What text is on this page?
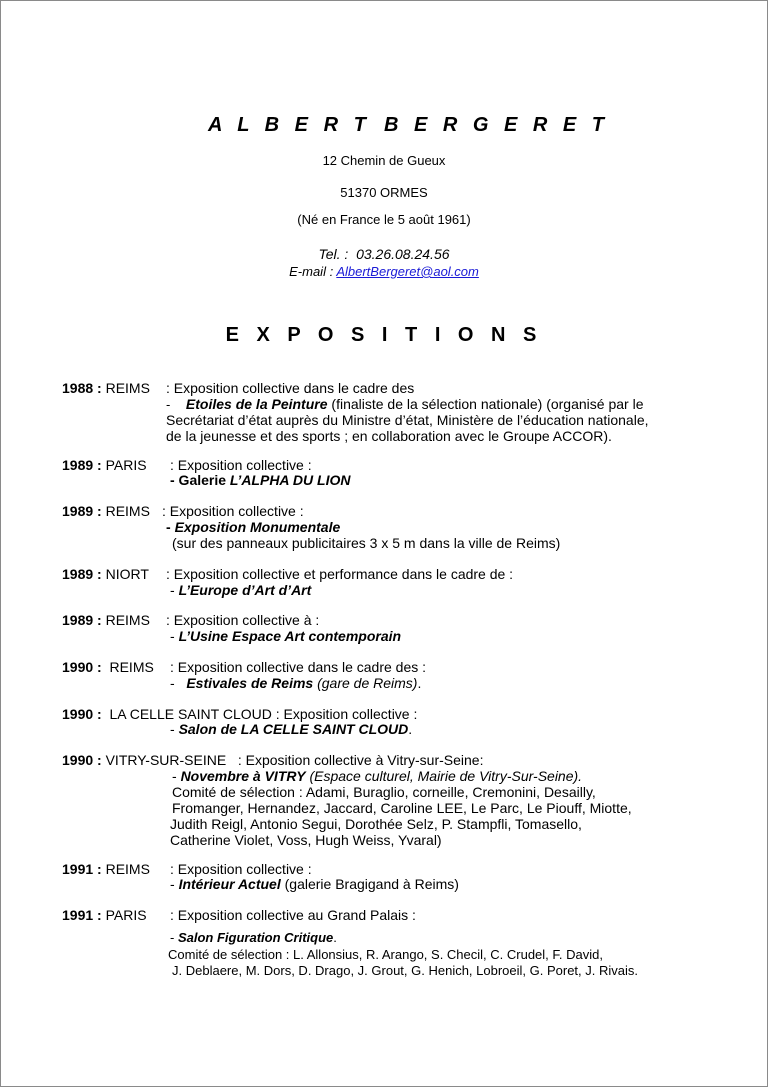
A L B E R T B E R G E R E T
12 Chemin de Gueux
51370 ORMES
(Né en France le 5 août 1961)
Tel. : 03.26.08.24.56
E-mail : AlbertBergeret@aol.com
E X P O S I T I O N S
1988 : REIMS : Exposition collective dans le cadre des
- Etoiles de la Peinture (finaliste de la sélection nationale) (organisé par le
Secrétariat d’état auprès du Ministre d’état, Ministère de l’éducation nationale,
de la jeunesse et des sports ; en collaboration avec le Groupe ACCOR).
1989 : PARIS : Exposition collective :
- Galerie L’ALPHA DU LION
1989 : REIMS : Exposition collective :
- Exposition Monumentale
(sur des panneaux publicitaires 3 x 5 m dans la ville de Reims)
1989 : NIORT : Exposition collective et performance dans le cadre de :
- L’Europe d’Art d’Art
1989 : REIMS : Exposition collective à :
- L’Usine Espace Art contemporain
1990 : REIMS : Exposition collective dans le cadre des :
- Estivales de Reims (gare de Reims).
1990 : LA CELLE SAINT CLOUD : Exposition collective :
- Salon de LA CELLE SAINT CLOUD.
1990 : VITRY-SUR-SEINE : Exposition collective à Vitry-sur-Seine:
- Novembre à VITRY (Espace culturel, Mairie de Vitry-Sur-Seine).
Comité de sélection : Adami, Buraglio, corneille, Cremonini, Desailly,
Fromanger, Hernandez, Jaccard, Caroline LEE, Le Parc, Le Piouff, Miotte,
Judith Reigl, Antonio Segui, Dorothée Selz, P. Stampfli, Tomasello,
Catherine Violet, Voss, Hugh Weiss, Yvaral)
1991 : REIMS : Exposition collective :
- Intérieur Actuel (galerie Bragigand à Reims)
1991 : PARIS : Exposition collective au Grand Palais :
- Salon Figuration Critique.
Comité de sélection : L. Allonsius, R. Arango, S. Checil, C. Crudel, F. David,
J. Deblaere, M. Dors, D. Drago, J. Grout, G. Henich, Lobroeil, G. Poret, J. Rivais.
